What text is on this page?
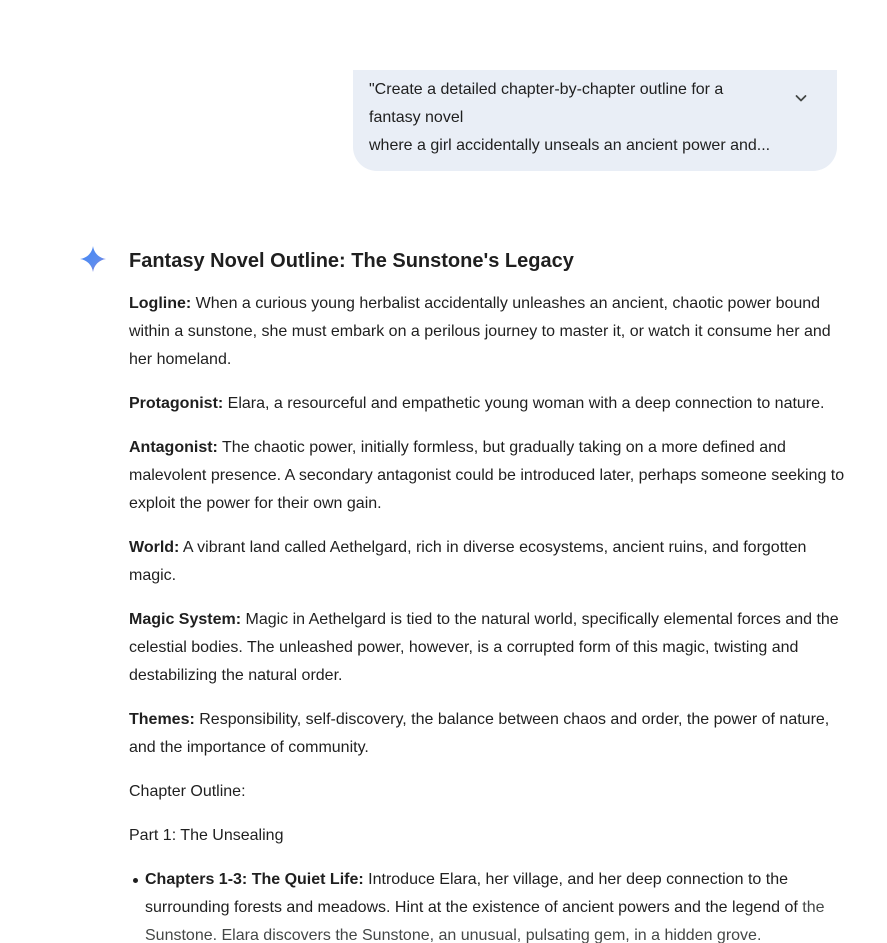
"Create a detailed chapter-by-chapter outline for a
fantasy novel
where a girl accidentally unseals an ancient power and...
Fantasy Novel Outline: The Sunstone's Legacy

Logline: When a curious young herbalist accidentally unleashes an ancient, chaotic power bound within a sunstone, she must embark on a perilous journey to master it, or watch it consume her and her homeland.

Protagonist: Elara, a resourceful and empathetic young woman with a deep connection to nature.

Antagonist: The chaotic power, initially formless, but gradually taking on a more defined and malevolent presence. A secondary antagonist could be introduced later, perhaps someone seeking to exploit the power for their own gain.

World: A vibrant land called Aethelgard, rich in diverse ecosystems, ancient ruins, and forgotten magic.

Magic System: Magic in Aethelgard is tied to the natural world, specifically elemental forces and the celestial bodies. The unleashed power, however, is a corrupted form of this magic, twisting and destabilizing the natural order.

Themes: Responsibility, self-discovery, the balance between chaos and order, the power of nature, and the importance of community.

Chapter Outline:

Part 1: The Unsealing

Chapters 1-3: The Quiet Life: Introduce Elara, her village, and her deep connection to the surrounding forests and meadows. Hint at the existence of ancient powers and the legend of the Sunstone. Elara discovers the Sunstone, an unusual, pulsating gem, in a hidden grove.
